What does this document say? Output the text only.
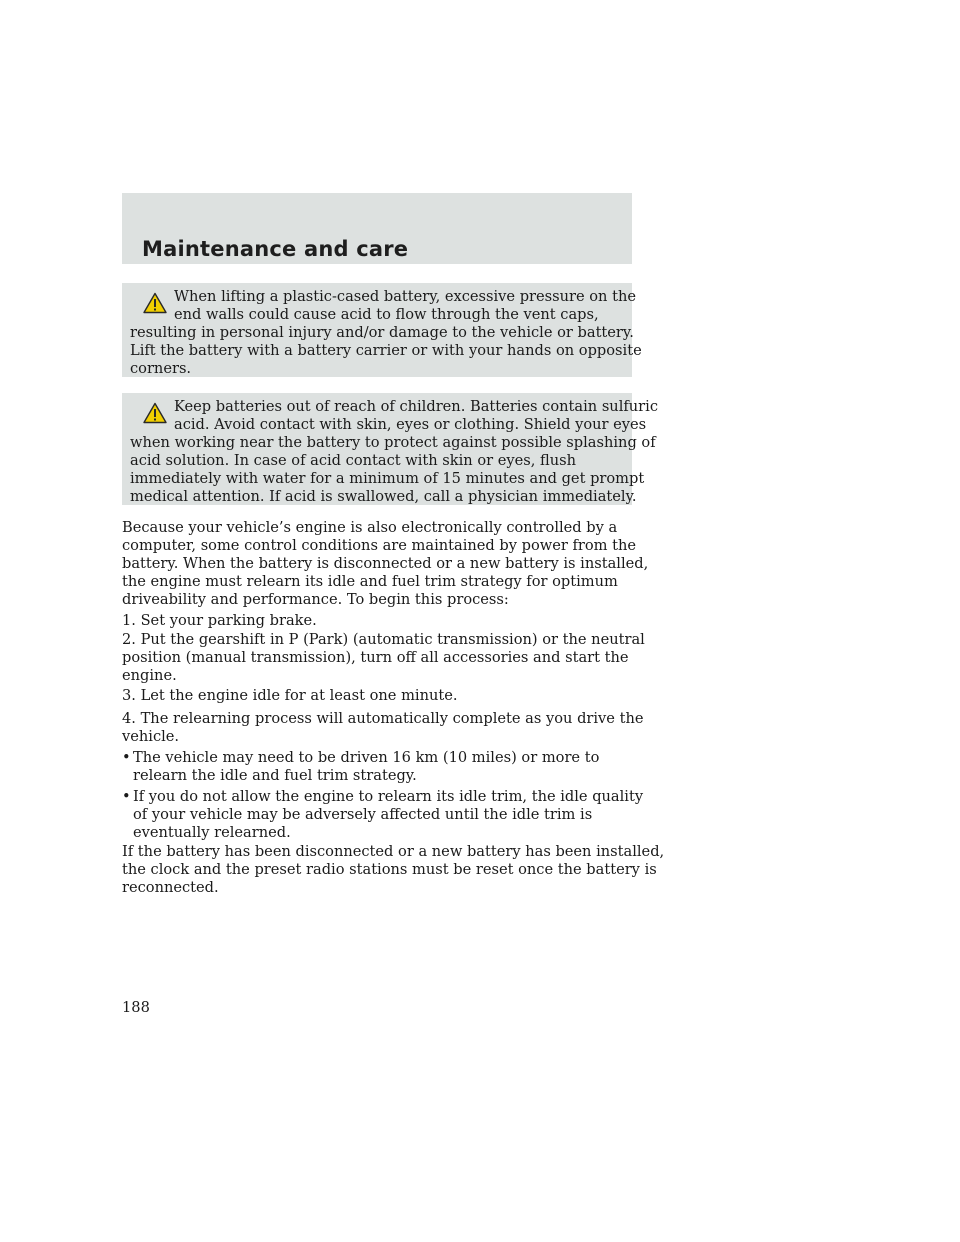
Maintenance and care

When lifting a plastic-cased battery, excessive pressure on the
end walls could cause acid to flow through the vent caps,
resulting in personal injury and/or damage to the vehicle or battery.
Lift the battery with a battery carrier or with your hands on opposite
corners.

Keep batteries out of reach of children. Batteries contain sulfuric
acid. Avoid contact with skin, eyes or clothing. Shield your eyes
when working near the battery to protect against possible splashing of
acid solution. In case of acid contact with skin or eyes, flush
immediately with water for a minimum of 15 minutes and get prompt
medical attention. If acid is swallowed, call a physician immediately.

Because your vehicle’s engine is also electronically controlled by a
computer, some control conditions are maintained by power from the
battery. When the battery is disconnected or a new battery is installed,
the engine must relearn its idle and fuel trim strategy for optimum
driveability and performance. To begin this process:
1. Set your parking brake.
2. Put the gearshift in P (Park) (automatic transmission) or the neutral
position (manual transmission), turn off all accessories and start the
engine.
3. Let the engine idle for at least one minute.
4. The relearning process will automatically complete as you drive the
vehicle.
• The vehicle may need to be driven 16 km (10 miles) or more to
relearn the idle and fuel trim strategy.
• If you do not allow the engine to relearn its idle trim, the idle quality
of your vehicle may be adversely affected until the idle trim is
eventually relearned.
If the battery has been disconnected or a new battery has been installed,
the clock and the preset radio stations must be reset once the battery is
reconnected.
188
